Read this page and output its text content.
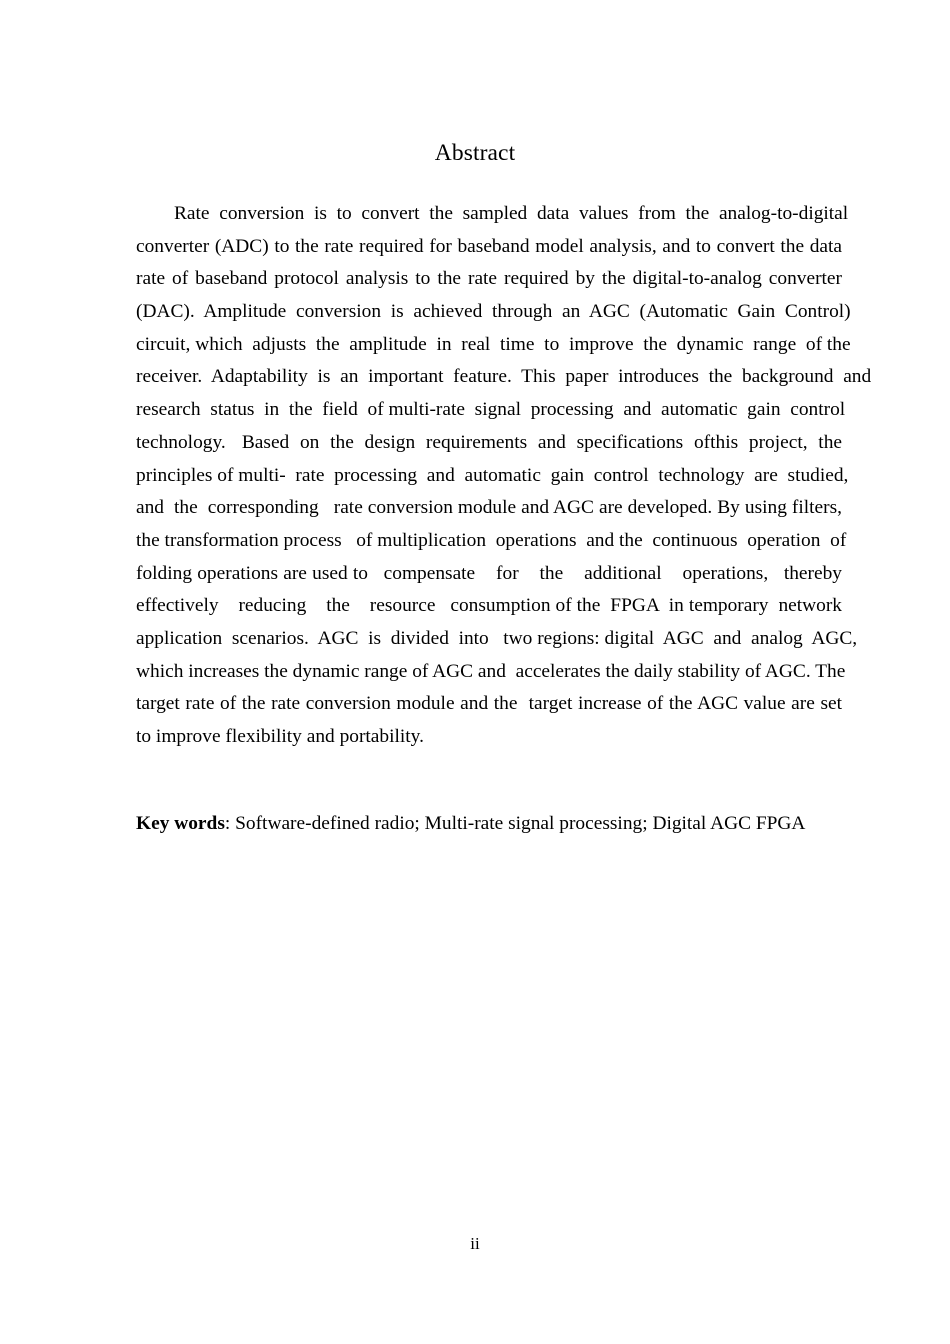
Abstract
Rate  conversion  is  to  convert  the  sampled  data  values  from  the  analog-to-digital
converter (ADC) to the rate required for baseband model analysis, and to convert the data
rate of baseband protocol analysis to the rate required by the digital-to-analog converter
(DAC).  Amplitude  conversion  is  achieved  through  an  AGC  (Automatic  Gain  Control)
circuit, which  adjusts  the  amplitude  in  real  time  to  improve  the  dynamic  range  of the
receiver.  Adaptability  is  an  important  feature.  This  paper  introduces  the  background  and
research  status  in  the  field  of multi-rate  signal  processing  and  automatic  gain  control
technology.   Based  on  the  design  requirements  and  specifications  ofthis  project,  the
principles of multi-  rate  processing  and  automatic  gain  control  technology  are  studied,
and  the  corresponding   rate conversion module and AGC are developed. By using filters,
the transformation process   of multiplication  operations  and the  continuous  operation  of
folding operations are used to   compensate    for    the    additional    operations,   thereby
effectively    reducing    the    resource   consumption of the  FPGA  in temporary  network
application  scenarios.  AGC  is  divided  into   two regions: digital  AGC  and  analog  AGC,
which increases the dynamic range of AGC and  accelerates the daily stability of AGC. The
target rate of the rate conversion module and the  target increase of the AGC value are set
to improve flexibility and portability.

Key words: Software-defined radio; Multi-rate signal processing; Digital AGC FPGA

ii
